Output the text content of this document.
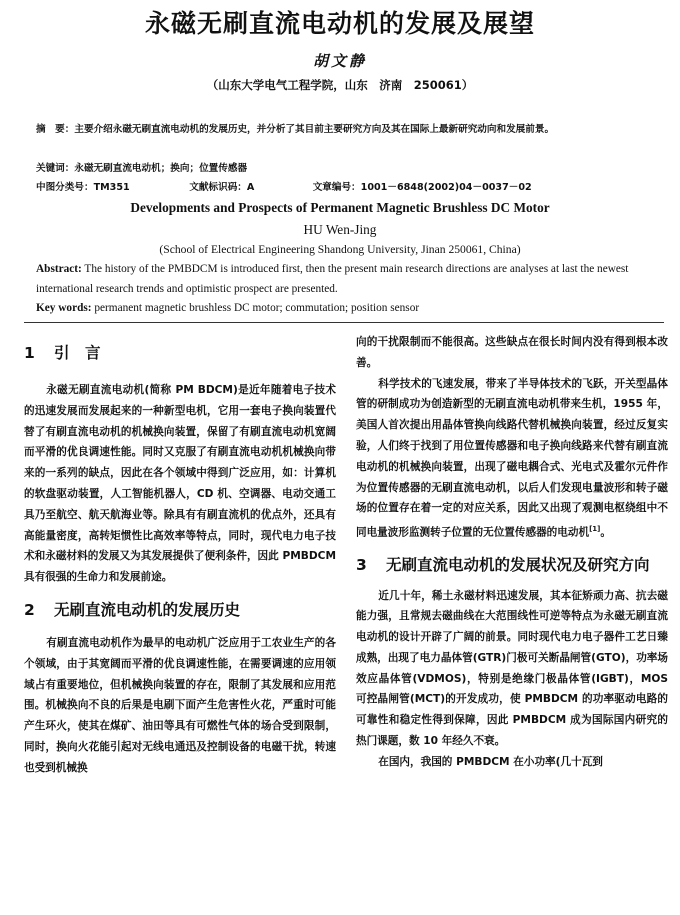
永磁无刷直流电动机的发展及展望
胡文静
（山东大学电气工程学院，山东　济南　250061）
摘　要：主要介绍永磁无刷直流电动机的发展历史，并分析了其目前主要研究方向及其在国际上最新研究动向和发展前景。
关键词：永磁无刷直流电动机；换向；位置传感器
中图分类号：TM351	文献标识码：A	文章编号：1001－6848(2002)04－0037－02
Developments and Prospects of Permanent Magnetic Brushless DC Motor
HU Wen-Jing
(School of Electrical Engineering Shandong University, Jinan 250061, China)
Abstract: The history of the PMBDCM is introduced first, then the present main research directions are analyses at last the newest international research trends and optimistic prospect are presented.
Key words: permanent magnetic brushless DC motor; commutation; position sensor
1 引　言

永磁无刷直流电动机(简称 PM BDCM)是近年随着电子技术的迅速发展而发展起来的一种新型电机，它用一套电子换向装置代替了有刷直流电动机的机械换向装置，保留了有刷直流电动机宽阔而平滑的优良调速性能。同时又克服了有刷直流电动机机械换向带来的一系列的缺点，因此在各个领域中得到广泛应用，如：计算机的软盘驱动装置，人工智能机器人，CD 机、空调器、电动交通工具乃至航空、航天航海业等。除具有有刷直流机的优点外，还具有高能量密度，高转矩惯性比高效率等特点，同时，现代电力电子技术和永磁材料的发展又为其发展提供了便利条件，因此 PMBDCM 具有很强的生命力和发展前途。

2 无刷直流电动机的发展历史

有刷直流电动机作为最早的电动机广泛应用于工农业生产的各个领域，由于其宽阔而平滑的优良调速性能，在需要调速的应用领域占有重要地位，但机械换向装置的存在，限制了其发展和应用范围。机械换向不良的后果是电刷下面产生危害性火花，严重时可能产生环火，使其在煤矿、油田等具有可燃性气体的场合受到限制，同时，换向火花能引起对无线电通迅及控制设备的电磁干扰，转速也受到机械换

向的干扰限制而不能很高。这些缺点在很长时间内没有得到根本改善。

科学技术的飞速发展，带来了半导体技术的飞跃，开关型晶体管的研制成功为创造新型的无刷直流电动机带来生机，1955 年，美国人首次提出用晶体管换向线路代替机械换向装置，经过反复实验，人们终于找到了用位置传感器和电子换向线路来代替有刷直流电动机的机械换向装置，出现了磁电耦合式、光电式及霍尔元件作为位置传感器的无刷直流电动机，以后人们发现电量波形和转子磁场的位置存在着一定的对应关系，因此又出现了观测电枢绕组中不同电量波形监测转子位置的无位置传感器的电动机[1]。

3 无刷直流电动机的发展状况及研究方向

近几十年，稀土永磁材料迅速发展，其本征矫顽力高、抗去磁能力强，且常规去磁曲线在大范围线性可逆等特点为永磁无刷直流电动机的设计开辟了广阔的前景。同时现代电力电子器件工艺日臻成熟，出现了电力晶体管(GTR)门极可关断晶闸管(GTO)，功率场效应晶体管(VDMOS)，特别是绝缘门极晶体管(IGBT)，MOS 可控晶闸管(MCT)的开发成功，使 PMBDCM 的功率驱动电路的可靠性和稳定性得到保障，因此 PMBDCM 成为国际国内研究的热门课题，数 10 年经久不衰。

在国内，我国的 PMBDCM 在小功率(几十瓦到
